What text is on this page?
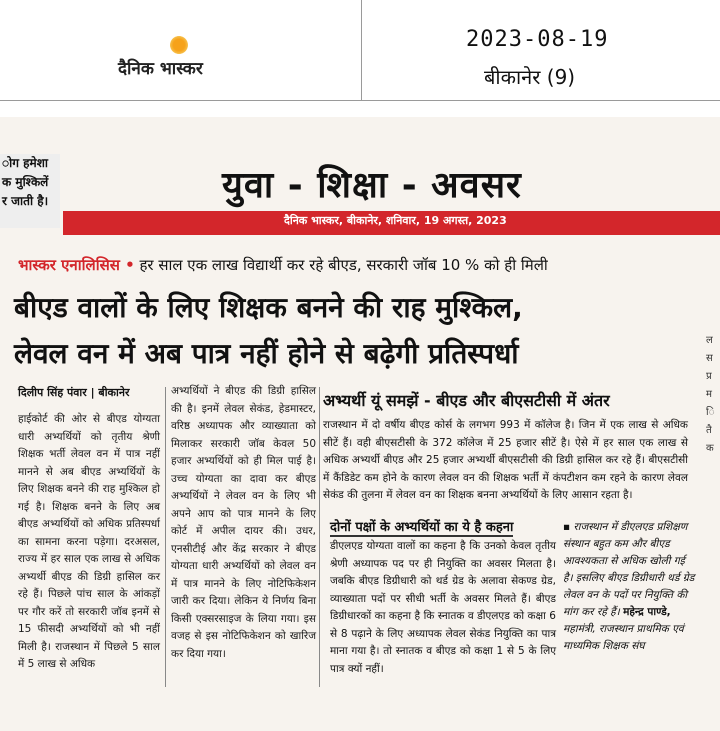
दैनिक भास्कर
2023-08-19
बीकानेर (9)
ोग हमेशा
क मुश्किलें
र जाती है।
ल
स
प्र
म
ि
तै
क
युवा - शिक्षा - अवसर
दैनिक भास्कर, बीकानेर, शनिवार, 19 अगस्त, 2023
भास्कर एनालिसिस • हर साल एक लाख विद्यार्थी कर रहे बीएड, सरकारी जॉब 10 % को ही मिली
बीएड वालों के लिए शिक्षक बनने की राह मुश्किल,
लेवल वन में अब पात्र नहीं होने से बढ़ेगी प्रतिस्पर्धा
दिलीप सिंह पंवार | बीकानेर
हाईकोर्ट की ओर से बीएड योग्यता धारी अभ्यर्थियों को तृतीय श्रेणी शिक्षक भर्ती लेवल वन में पात्र नहीं मानने से अब बीएड अभ्यर्थियों के लिए शिक्षक बनने की राह मुश्किल हो गई है। शिक्षक बनने के लिए अब बीएड अभ्यर्थियों को अधिक प्रतिस्पर्धा का सामना करना पड़ेगा। दरअसल, राज्य में हर साल एक लाख से अधिक अभ्यर्थी बीएड की डिग्री हासिल कर रहे हैं। पिछले पांच साल के आंकड़ों पर गौर करें तो सरकारी जॉब इनमें से 15 फीसदी अभ्यर्थियों को भी नहीं मिली है। राजस्थान में पिछले 5 साल में 5 लाख से अधिक
अभ्यर्थियों ने बीएड की डिग्री हासिल की है। इनमें लेवल सेकंड, हेडमास्टर, वरिष्ठ अध्यापक और व्याख्याता को मिलाकर सरकारी जॉब केवल 50 हजार अभ्यर्थियों को ही मिल पाई है। उच्च योग्यता का दावा कर बीएड अभ्यर्थियों ने लेवल वन के लिए भी अपने आप को पात्र मानने के लिए कोर्ट में अपील दायर की। उधर, एनसीटीई और केंद्र सरकार ने बीएड योग्यता धारी अभ्यर्थियों को लेवल वन में पात्र मानने के लिए नोटिफिकेशन जारी कर दिया। लेकिन ये निर्णय बिना किसी एक्सरसाइज के लिया गया। इस वजह से इस नोटिफिकेशन को खारिज कर दिया गया।
अभ्यर्थी यूं समझें - बीएड और बीएसटीसी में अंतर
राजस्थान में दो वर्षीय बीएड कोर्स के लगभग 993 में कॉलेज है। जिन में एक लाख से अधिक सीटें हैं। वही बीएसटीसी के 372 कॉलेज में 25 हजार सीटें है। ऐसे में हर साल एक लाख से अधिक अभ्यर्थी बीएड और 25 हजार अभ्यर्थी बीएसटीसी की डिग्री हासिल कर रहे हैं। बीएसटीसी में कैंडिडेट कम होने के कारण लेवल वन की शिक्षक भर्ती में कंपटीशन कम रहने के कारण लेवल सेकंड की तुलना में लेवल वन का शिक्षक बनना अभ्यर्थियों के लिए आसान रहता है।
दोनों पक्षों के अभ्यर्थियों का ये है कहना
डीएलएड योग्यता वालों का कहना है कि उनको केवल तृतीय श्रेणी अध्यापक पद पर ही नियुक्ति का अवसर मिलता है। जबकि बीएड डिग्रीधारी को थर्ड ग्रेड के अलावा सेकण्ड ग्रेड, व्याख्याता पदों पर सीधी भर्ती के अवसर मिलते हैं। बीएड डिग्रीधारकों का कहना है कि स्नातक व डीएलएड को कक्षा 6 से 8 पढ़ाने के लिए अध्यापक लेवल सेकंड नियुक्ति का पात्र माना गया है। तो स्नातक व बीएड को कक्षा 1 से 5 के लिए पात्र क्यों नहीं।
▪ राजस्थान में डीएलएड प्रशिक्षण संस्थान बहुत कम और बीएड आवश्यकता से अधिक खोली गई है। इसलिए बीएड डिग्रीधारी थर्ड ग्रेड लेवल वन के पदों पर नियुक्ति की मांग कर रहे हैं। महेन्द्र पाण्डे, महामंत्री, राजस्थान प्राथमिक एवं माध्यमिक शिक्षक संघ
